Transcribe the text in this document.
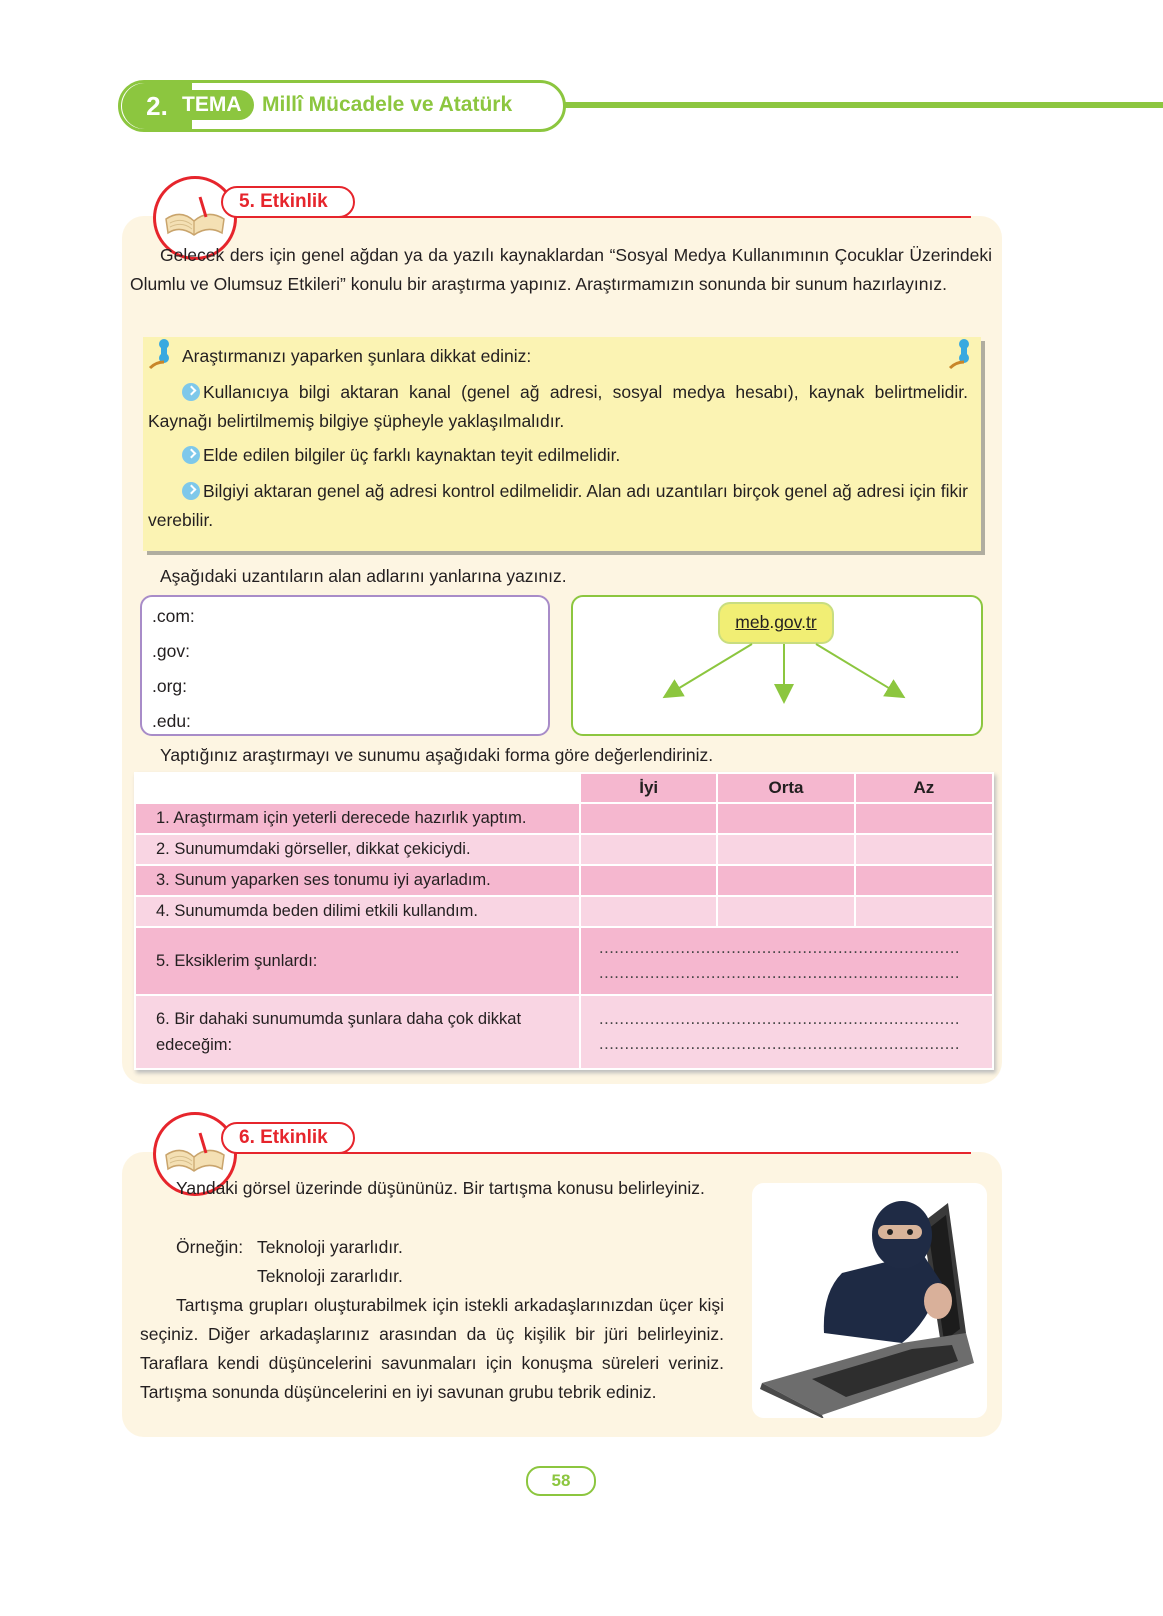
2. TEMA Millî Mücadele ve Atatürk
5. Etkinlik
Gelecek ders için genel ağdan ya da yazılı kaynaklardan “Sosyal Medya Kullanımının Çocuklar Üzerindeki Olumlu ve Olumsuz Etkileri” konulu bir araştırma yapınız. Araştırmamızın sonunda bir sunum hazırlayınız.
Araştırmanızı yaparken şunlara dikkat ediniz:
Kullanıcıya bilgi aktaran kanal (genel ağ adresi, sosyal medya hesabı), kaynak belirtmelidir. Kaynağı belirtilmemiş bilgiye şüpheyle yaklaşılmalıdır.
Elde edilen bilgiler üç farklı kaynaktan teyit edilmelidir.
Bilgiyi aktaran genel ağ adresi kontrol edilmelidir. Alan adı uzantıları birçok genel ağ adresi için fikir verebilir.
Aşağıdaki uzantıların alan adlarını yanlarına yazınız.
.com:
.gov:
.org:
.edu:
meb.gov.tr
Yaptığınız araştırmayı ve sunumu aşağıdaki forma göre değerlendiriniz.
	İyi	Orta	Az
1. Araştırmam için yeterli derecede hazırlık yaptım.			
2. Sunumumdaki görseller, dikkat çekiciydi.			
3. Sunum yaparken ses tonumu iyi ayarladım.			
4. Sunumumda beden dilimi etkili kullandım.			
5. Eksiklerim şunlardı:	.......................................................................
.......................................................................		

6. Bir dahaki sunumumda şunlara daha çok dikkat edeceğim:	.......................................................................
.......................................................................		
6. Etkinlik
Yandaki görsel üzerinde düşününüz. Bir tartışma konusu belirleyiniz.
Örneğin: Teknoloji yararlıdır.
Teknoloji zararlıdır.
Tartışma grupları oluşturabilmek için istekli arkadaşlarınızdan üçer kişi seçiniz. Diğer arkadaşlarınız arasından da üç kişilik bir jüri belirleyiniz. Taraflara kendi düşüncelerini savunmaları için konuşma süreleri veriniz. Tartışma sonunda düşüncelerini en iyi savunan grubu tebrik ediniz.
58
